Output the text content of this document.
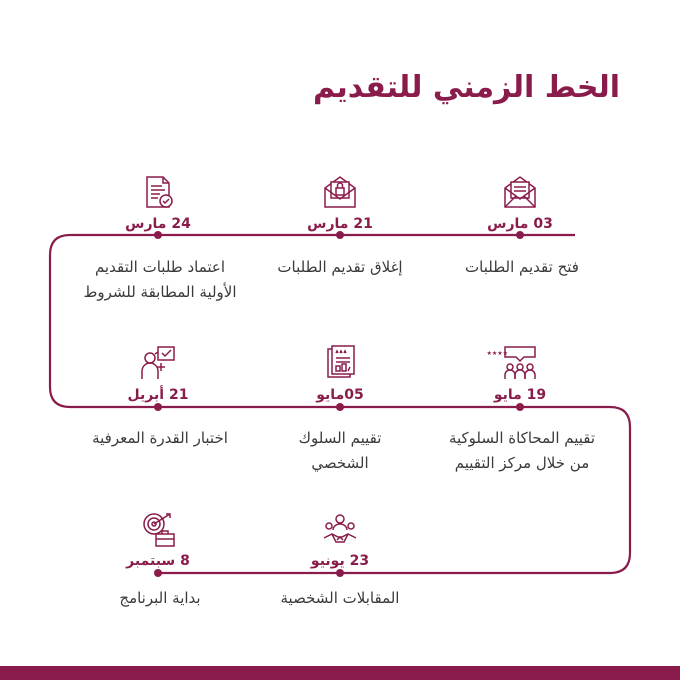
الخط الزمني للتقديم
03 مارس
فتح تقديم الطلبات
21 مارس
إغلاق تقديم الطلبات
24 مارس
اعتماد طلبات التقديم
الأولية المطابقة للشروط
21 أبريل
اختبار القدرة المعرفية
05مايو
تقييم السلوك
الشخصي
★★★★
19 مايو
تقييم المحاكاة السلوكية
من خلال مركز التقييم
23 يونيو
المقابلات الشخصية
8 سبتمبر
بداية البرنامج
